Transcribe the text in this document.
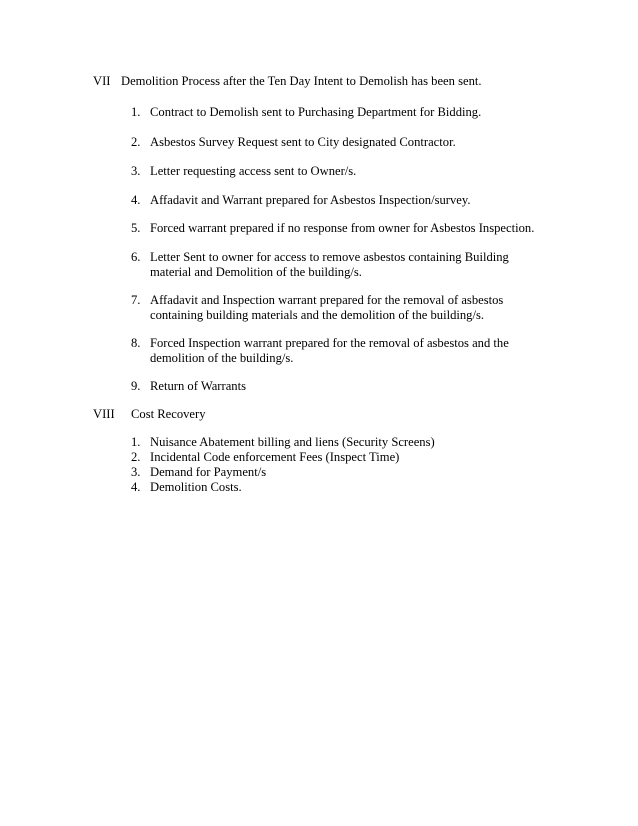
VII Demolition Process after the Ten Day Intent to Demolish has been sent.
1. Contract to Demolish sent to Purchasing Department for Bidding.
2. Asbestos Survey Request sent to City designated Contractor.
3. Letter requesting access sent to Owner/s.
4. Affadavit and Warrant prepared for Asbestos Inspection/survey.
5. Forced warrant prepared if no response from owner for Asbestos Inspection.
6. Letter Sent to owner for access to remove asbestos containing Building material and Demolition of the building/s.
7. Affadavit and Inspection warrant prepared for the removal of asbestos containing building materials and the demolition of the building/s.
8. Forced Inspection warrant prepared for the removal of asbestos and the demolition of the building/s.
9. Return of Warrants
VIII Cost Recovery
1. Nuisance Abatement billing and liens (Security Screens)
2. Incidental Code enforcement Fees (Inspect Time)
3. Demand for Payment/s
4. Demolition Costs.
